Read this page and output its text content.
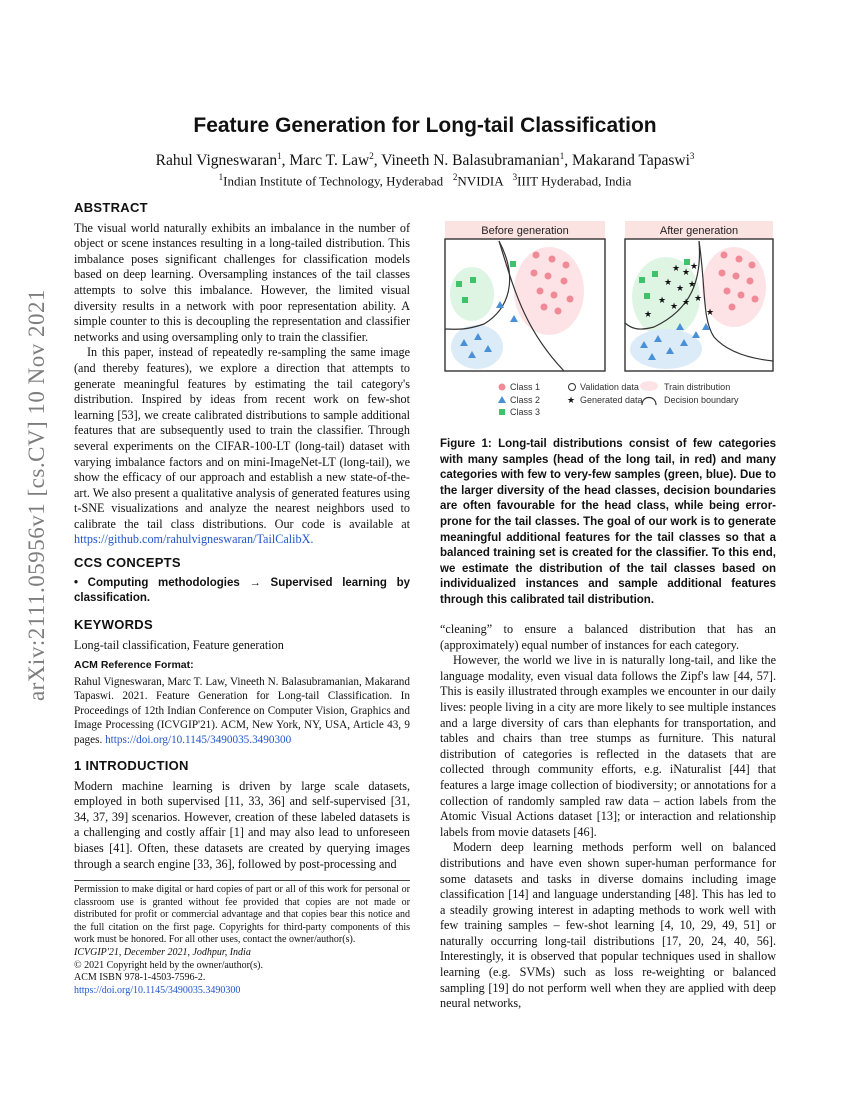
arXiv:2111.05956v1 [cs.CV] 10 Nov 2021
Feature Generation for Long-tail Classification
Rahul Vigneswaran$^1$, Marc T. Law$^2$, Vineeth N. Balasubramanian$^1$, Makarand Tapaswi$^3$
$^1$Indian Institute of Technology, Hyderabad   $^2$NVIDIA   $^3$IIIT Hyderabad, India
ABSTRACT

The visual world naturally exhibits an imbalance in the number of object or scene instances resulting in a long-tailed distribution. This imbalance poses significant challenges for classification models based on deep learning. Oversampling instances of the tail classes attempts to solve this imbalance. However, the limited visual diversity results in a network with poor representation ability. A simple counter to this is decoupling the representation and classifier networks and using oversampling only to train the classifier.

In this paper, instead of repeatedly re-sampling the same image (and thereby features), we explore a direction that attempts to generate meaningful features by estimating the tail category's distribution. Inspired by ideas from recent work on few-shot learning [53], we create calibrated distributions to sample additional features that are subsequently used to train the classifier. Through several experiments on the CIFAR-100-LT (long-tail) dataset with varying imbalance factors and on mini-ImageNet-LT (long-tail), we show the efficacy of our approach and establish a new state-of-the-art. We also present a qualitative analysis of generated features using t-SNE visualizations and analyze the nearest neighbors used to calibrate the tail class distributions. Our code is available at https://github.com/rahulvigneswaran/TailCalibX.

CCS CONCEPTS

• Computing methodologies → Supervised learning by classification.

KEYWORDS

Long-tail classification, Feature generation

ACM Reference Format:

Rahul Vigneswaran, Marc T. Law, Vineeth N. Balasubramanian, Makarand Tapaswi. 2021. Feature Generation for Long-tail Classification. In Proceedings of 12th Indian Conference on Computer Vision, Graphics and Image Processing (ICVGIP'21). ACM, New York, NY, USA, Article 43, 9 pages. https://doi.org/10.1145/3490035.3490300

1 INTRODUCTION

Modern machine learning is driven by large scale datasets, employed in both supervised [11, 33, 36] and self-supervised [31, 34, 37, 39] scenarios. However, creation of these labeled datasets is a challenging and costly affair [1] and may also lead to unforeseen biases [41]. Often, these datasets are created by querying images through a search engine [33, 36], followed by post-processing and

Permission to make digital or hard copies of part or all of this work for personal or classroom use is granted without fee provided that copies are not made or distributed for profit or commercial advantage and that copies bear this notice and the full citation on the first page. Copyrights for third-party components of this work must be honored. For all other uses, contact the owner/author(s).

ICVGIP'21, December 2021, Jodhpur, India

© 2021 Copyright held by the owner/author(s).

ACM ISBN 978-1-4503-7596-2.

https://doi.org/10.1145/3490035.3490300

Before generation	After generation
★ ★
★
★
★ ★
★
★ ★ ★
★	★
Class 1
Class 2
Class 3
Validation data
★ Generated data
Train distribution
Decision boundary
Figure 1: Long-tail distributions consist of few categories with many samples (head of the long tail, in red) and many categories with few to very-few samples (green, blue). Due to the larger diversity of the head classes, decision boundaries are often favourable for the head class, while being error-prone for the tail classes. The goal of our work is to generate meaningful additional features for the tail classes so that a balanced training set is created for the classifier. To this end, we estimate the distribution of the tail classes based on individualized instances and sample additional features through this calibrated tail distribution.

“cleaning” to ensure a balanced distribution that has an (approximately) equal number of instances for each category.

However, the world we live in is naturally long-tail, and like the language modality, even visual data follows the Zipf's law [44, 57]. This is easily illustrated through examples we encounter in our daily lives: people living in a city are more likely to see multiple instances and a large diversity of cars than elephants for transportation, and tables and chairs than tree stumps as furniture. This natural distribution of categories is reflected in the datasets that are collected through community efforts, e.g. iNaturalist [44] that features a large image collection of biodiversity; or annotations for a collection of randomly sampled raw data – action labels from the Atomic Visual Actions dataset [13]; or interaction and relationship labels from movie datasets [46].

Modern deep learning methods perform well on balanced distributions and have even shown super-human performance for some datasets and tasks in diverse domains including image classification [14] and language understanding [48]. This has led to a steadily growing interest in adapting methods to work well with few training samples – few-shot learning [4, 10, 29, 49, 51] or naturally occurring long-tail distributions [17, 20, 24, 40, 56]. Interestingly, it is observed that popular techniques used in shallow learning (e.g. SVMs) such as loss re-weighting or balanced sampling [19] do not perform well when they are applied with deep neural networks,
